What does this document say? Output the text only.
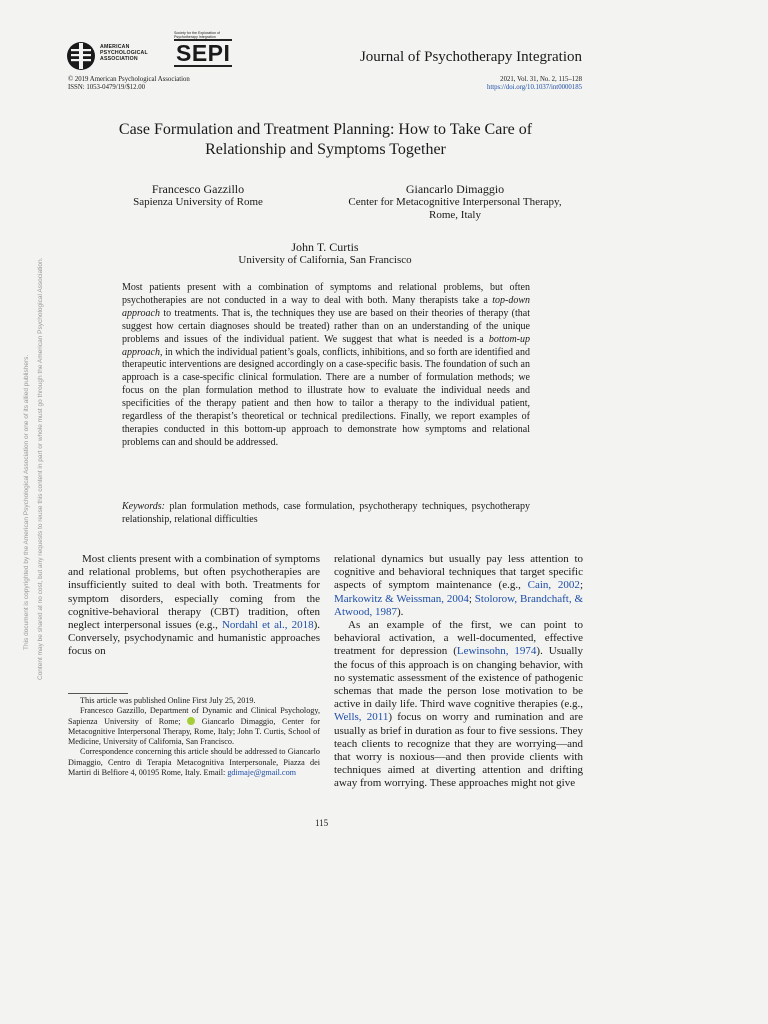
AMERICAN
PSYCHOLOGICAL
ASSOCIATION
Society for the Exploration of Psychotherapy Integration
SEPI	Journal of Psychotherapy Integration
© 2019 American Psychological Association
ISSN: 1053-0479/19/$12.00
2021, Vol. 31, No. 2, 115–128
https://doi.org/10.1037/int0000185
Case Formulation and Treatment Planning: How to Take Care of
Relationship and Symptoms Together
Francesco Gazzillo
Sapienza University of Rome
Giancarlo Dimaggio
Center for Metacognitive Interpersonal Therapy,
Rome, Italy
John T. Curtis
University of California, San Francisco
Most patients present with a combination of symptoms and relational problems, but often psychotherapies are not conducted in a way to deal with both. Many therapists take a top-down approach to treatments. That is, the techniques they use are based on their theories of therapy (that suggest how certain diagnoses should be treated) rather than on an understanding of the unique problems and issues of the individual patient. We suggest that what is needed is a bottom-up approach, in which the individual patient’s goals, conflicts, inhibitions, and so forth are identified and therapeutic interventions are designed accordingly on a case-specific basis. The foundation of such an approach is a case-specific clinical formulation. There are a number of formulation methods; we focus on the plan formulation method to illustrate how to evaluate the individual needs and specificities of the therapy patient and then how to tailor a therapy to the individual patient, regardless of the therapist’s theoretical or technical predilections. Finally, we report examples of therapies conducted in this bottom-up approach to demonstrate how symptoms and relational problems can and should be addressed.
Keywords: plan formulation methods, case formulation, psychotherapy techniques, psychotherapy relationship, relational difficulties

Most clients present with a combination of symptoms and relational problems, but often psychotherapies are insufficiently suited to deal with both. Treatments for symptom disorders, especially coming from the cognitive-behavioral therapy (CBT) tradition, often neglect interpersonal issues (e.g., Nordahl et al., 2018). Conversely, psychodynamic and humanistic approaches focus on

relational dynamics but usually pay less attention to cognitive and behavioral techniques that target specific aspects of symptom maintenance (e.g., Cain, 2002; Markowitz & Weissman, 2004; Stolorow, Brandchaft, & Atwood, 1987).

As an example of the first, we can point to behavioral activation, a well-documented, effective treatment for depression (Lewinsohn, 1974). Usually the focus of this approach is on changing behavior, with no systematic assessment of the existence of pathogenic schemas that made the person lose motivation to be active in daily life. Third wave cognitive therapies (e.g., Wells, 2011) focus on worry and rumination and are usually as brief in duration as four to five sessions. They teach clients to recognize that they are worrying—and that worry is noxious—and then provide clients with techniques aimed at diverting attention and drifting away from worrying. These approaches might not give

This article was published Online First July 25, 2019.

Francesco Gazzillo, Department of Dynamic and Clinical Psychology, Sapienza University of Rome;  Giancarlo Dimaggio, Center for Metacognitive Interpersonal Therapy, Rome, Italy; John T. Curtis, School of Medicine, University of California, San Francisco.

Correspondence concerning this article should be addressed to Giancarlo Dimaggio, Centro di Terapia Metacognitiva Interpersonale, Piazza dei Martiri di Belfiore 4, 00195 Rome, Italy. Email: gdimaje@gmail.com

115
This document is copyrighted by the American Psychological Association or one of its allied publishers. Content may be shared at no cost, but any requests to reuse this content in part or whole must go through the American Psychological Association.
